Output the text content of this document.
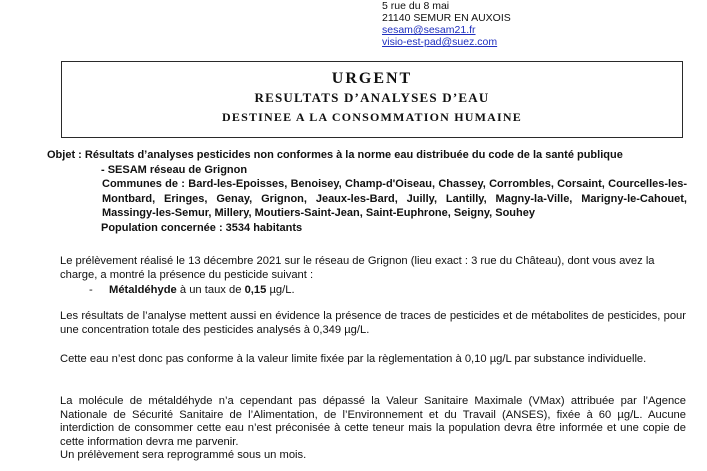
5 rue du 8 mai
21140 SEMUR EN AUXOIS
sesam@sesam21.fr
visio-est-pad@suez.com
URGENT
RESULTATS D’ANALYSES D’EAU
DESTINEE A LA CONSOMMATION HUMAINE
Objet : Résultats d’analyses pesticides non conformes à la norme eau distribuée du code de la santé publique
- SESAM réseau de Grignon
Communes de : Bard-les-Epoisses, Benoisey, Champ-d'Oiseau, Chassey, Corrombles, Corsaint, Courcelles-les-Montbard, Eringes, Genay, Grignon, Jeaux-les-Bard, Juilly, Lantilly, Magny-la-Ville, Marigny-le-Cahouet, Massingy-les-Semur, Millery, Moutiers-Saint-Jean, Saint-Euphrone, Seigny, Souhey
Population concernée : 3534 habitants
Le prélèvement réalisé le 13 décembre 2021 sur le réseau de Grignon (lieu exact : 3 rue du Château), dont vous avez la charge, a montré la présence du pesticide suivant :
- Métaldéhyde à un taux de 0,15 µg/L.
Les résultats de l’analyse mettent aussi en évidence la présence de traces de pesticides et de métabolites de pesticides, pour une concentration totale des pesticides analysés à 0,349 µg/L.
Cette eau n’est donc pas conforme à la valeur limite fixée par la règlementation à 0,10 µg/L par substance individuelle.
La molécule de métaldéhyde n’a cependant pas dépassé la Valeur Sanitaire Maximale (VMax) attribuée par l’Agence Nationale de Sécurité Sanitaire de l’Alimentation, de l’Environnement et du Travail (ANSES), fixée à 60 µg/L. Aucune interdiction de consommer cette eau n’est préconisée à cette teneur mais la population devra être informée et une copie de cette information devra me parvenir.
Un prélèvement sera reprogrammé sous un mois.
